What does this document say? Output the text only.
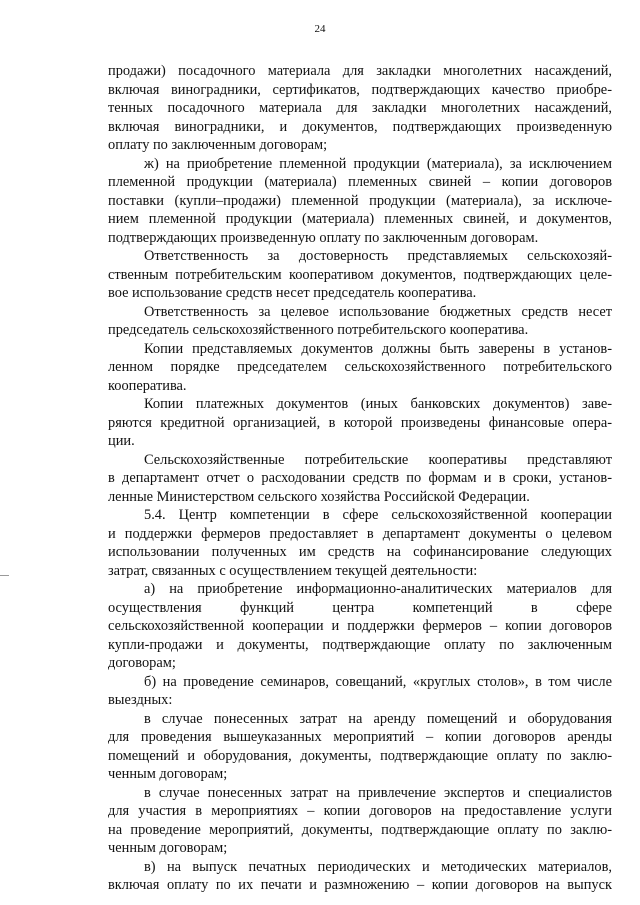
24

продажи) посадочного материала для закладки многолетних насаждений,
включая виноградники, сертификатов, подтверждающих качество приобре-
тенных посадочного материала для закладки многолетних насаждений,
включая виноградники, и документов, подтверждающих произведенную
оплату по заключенным договорам;

ж) на приобретение племенной продукции (материала), за исключением
племенной продукции (материала) племенных свиней – копии договоров
поставки (купли–продажи) племенной продукции (материала), за исключе-
нием племенной продукции (материала) племенных свиней, и документов,
подтверждающих произведенную оплату по заключенным договорам.

Ответственность за достоверность представляемых сельскохозяй-
ственным потребительским кооперативом документов, подтверждающих целе-
вое использование средств несет председатель кооператива.

Ответственность за целевое использование бюджетных средств несет
председатель сельскохозяйственного потребительского кооператива.

Копии представляемых документов должны быть заверены в установ-
ленном порядке председателем сельскохозяйственного потребительского
кооператива.

Копии платежных документов (иных банковских документов) заве-
ряются кредитной организацией, в которой произведены финансовые опера-
ции.

Сельскохозяйственные потребительские кооперативы представляют
в департамент отчет о расходовании средств по формам и в сроки, установ-
ленные Министерством сельского хозяйства Российской Федерации.

5.4. Центр компетенции в сфере сельскохозяйственной кооперации
и поддержки фермеров предоставляет в департамент документы о целевом
использовании полученных им средств на софинансирование следующих
затрат, связанных с осуществлением текущей деятельности:

а) на приобретение информационно-аналитических материалов для
осуществления функций центра компетенций в сфере
сельскохозяйственной кооперации и поддержки фермеров – копии договоров
купли-продажи и документы, подтверждающие оплату по заключенным
договорам;

б) на проведение семинаров, совещаний, «круглых столов», в том числе
выездных:

в случае понесенных затрат на аренду помещений и оборудования
для проведения вышеуказанных мероприятий – копии договоров аренды
помещений и оборудования, документы, подтверждающие оплату по заклю-
ченным договорам;

в случае понесенных затрат на привлечение экспертов и специалистов
для участия в мероприятиях – копии договоров на предоставление услуги
на проведение мероприятий, документы, подтверждающие оплату по заклю-
ченным договорам;

в) на выпуск печатных периодических и методических материалов,
включая оплату по их печати и размножению – копии договоров на выпуск
